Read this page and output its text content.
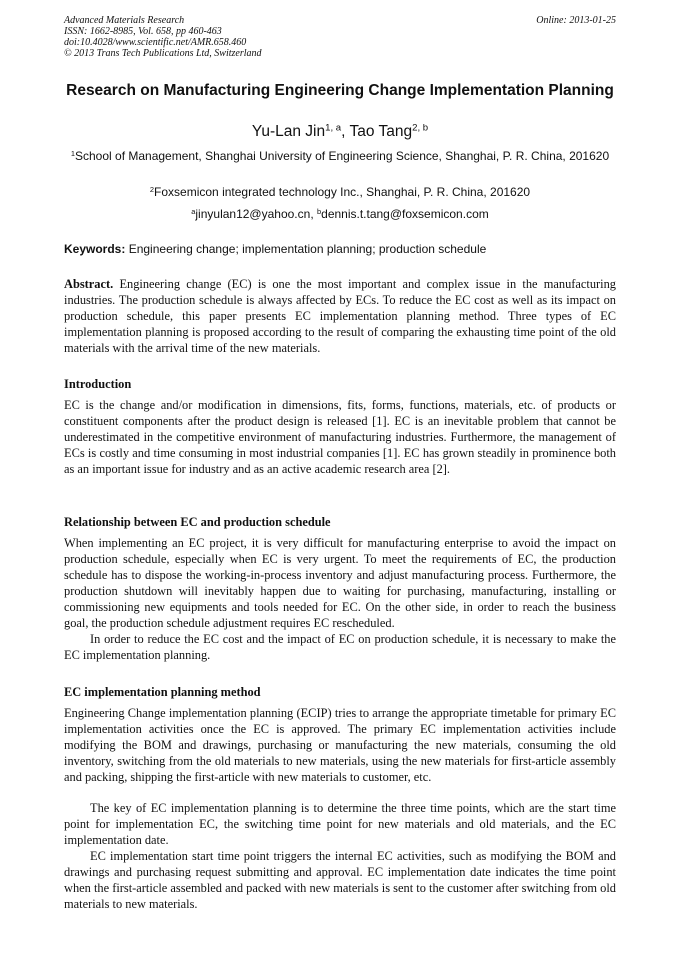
Advanced Materials Research
ISSN: 1662-8985, Vol. 658, pp 460-463
doi:10.4028/www.scientific.net/AMR.658.460
© 2013 Trans Tech Publications Ltd, Switzerland
Online: 2013-01-25
Research on Manufacturing Engineering Change Implementation Planning
Yu-Lan Jin$^{1, a}$, Tao Tang$^{2, b}$
$^1$School of Management, Shanghai University of Engineering Science, Shanghai, P. R. China, 201620
$^2$Foxsemicon integrated technology Inc., Shanghai, P. R. China, 201620
$^a$jinyulan12@yahoo.cn, $^b$dennis.t.tang@foxsemicon.com
Keywords: Engineering change; implementation planning; production schedule
Abstract. Engineering change (EC) is one the most important and complex issue in the manufacturing industries. The production schedule is always affected by ECs. To reduce the EC cost as well as its impact on production schedule, this paper presents EC implementation planning method. Three types of EC implementation planning is proposed according to the result of comparing the exhausting time point of the old materials with the arrival time of the new materials.
Introduction
EC is the change and/or modification in dimensions, fits, forms, functions, materials, etc. of products or constituent components after the product design is released [1]. EC is an inevitable problem that cannot be underestimated in the competitive environment of manufacturing industries. Furthermore, the management of ECs is costly and time consuming in most industrial companies [1]. EC has grown steadily in prominence both as an important issue for industry and as an active academic research area [2].
Relationship between EC and production schedule
When implementing an EC project, it is very difficult for manufacturing enterprise to avoid the impact on production schedule, especially when EC is very urgent. To meet the requirements of EC, the production schedule has to dispose the working-in-process inventory and adjust manufacturing process. Furthermore, the production shutdown will inevitably happen due to waiting for purchasing, manufacturing, installing or commissioning new equipments and tools needed for EC. On the other side, in order to reach the business goal, the production schedule adjustment requires EC rescheduled.
In order to reduce the EC cost and the impact of EC on production schedule, it is necessary to make the EC implementation planning.
EC implementation planning method
Engineering Change implementation planning (ECIP) tries to arrange the appropriate timetable for primary EC implementation activities once the EC is approved. The primary EC implementation activities include modifying the BOM and drawings, purchasing or manufacturing the new materials, consuming the old inventory, switching from the old materials to new materials, using the new materials for first-article assembly and packing, shipping the first-article with new materials to customer, etc.
The key of EC implementation planning is to determine the three time points, which are the start time point for implementation EC, the switching time point for new materials and old materials, and the EC implementation date.
EC implementation start time point triggers the internal EC activities, such as modifying the BOM and drawings and purchasing request submitting and approval. EC implementation date indicates the time point when the first-article assembled and packed with new materials is sent to the customer after switching from old materials to new materials.
